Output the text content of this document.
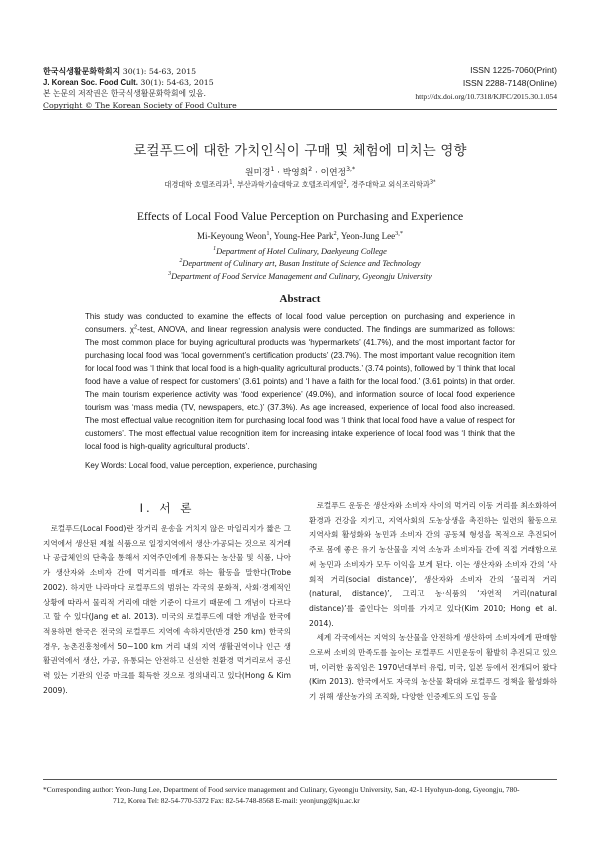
한국식생활문화학회지 30(1): 54-63, 2015
J. Korean Soc. Food Cult. 30(1): 54-63, 2015
본 논문의 저작권은 한국식생활문화학회에 있음.
Copyright © The Korean Society of Food Culture
ISSN 1225-7060(Print)
ISSN 2288-7148(Online)
http://dx.doi.org/10.7318/KJFC/2015.30.1.054
로컬푸드에 대한 가치인식이 구매 및 체험에 미치는 영향
원미경$^1$ · 박영희$^2$ · 이연정$^{3,*}$
대경대학 호텔조리과$^1$, 부산과학기술대학교 호텔조리계열$^2$, 경주대학교 외식조리학과$^{3*}$
Effects of Local Food Value Perception on Purchasing and Experience
Mi-Keyoung Weon$^1$, Young-Hee Park$^2$, Yeon-Jung Lee$^{3,*}$
$^1$Department of Hotel Culinary, Daekyeung College
$^2$Department of Culinary art, Busan Institute of Science and Technology
$^3$Department of Food Service Management and Culinary, Gyeongju University
Abstract
This study was conducted to examine the effects of local food value perception on purchasing and experience in consumers. $\chi^2$-test, ANOVA, and linear regression analysis were conducted. The findings are summarized as follows: The most common place for buying agricultural products was ‘hypermarkets’ (41.7%), and the most important factor for purchasing local food was ‘local government’s certification products’ (23.7%). The most important value recognition item for local food was ‘I think that local food is a high-quality agricultural products.’ (3.74 points), followed by ‘I think that local food have a value of respect for customers’ (3.61 points) and ‘I have a faith for the local food.’ (3.61 points) in that order. The main tourism experience activity was ‘food experience’ (49.0%), and information source of local food experience tourism was ‘mass media (TV, newspapers, etc.)’ (37.3%). As age increased, experience of local food also increased. The most effectual value recognition item for purchasing local food was ‘I think that local food have a value of respect for customers’. The most effectual value recognition item for increasing intake experience of local food was ‘I think that the local food is high-quality agricultural products’.
Key Words: Local food, value perception, experience, purchasing
Ⅰ. 서 론

로컬푸드(Local Food)란 장거리 운송을 거치지 않은 마일리지가 짧은 그 지역에서 생산된 제철 식품으로 일정지역에서 생산·가공되는 것으로 직거래나 공급체인의 단축을 통해서 지역주민에게 유통되는 농산물 및 식품, 나아가 생산자와 소비자 간에 먹거리를 매개로 하는 활동을 말한다(Trobe 2002). 하지만 나라마다 로컬푸드의 범위는 각국의 문화적, 사회·경제적인 상황에 따라서 물리적 거리에 대한 기준이 다르기 때문에 그 개념이 다르다고 할 수 있다(Jang et al. 2013). 미국의 로컬푸드에 대한 개념을 한국에 적용하면 한국은 전국의 로컬푸드 지역에 속하지만(반경 250 km) 한국의 경우, 농촌진흥청에서 50~100 km 거리 내의 지역 생활권역이나 인근 생활권역에서 생산, 가공, 유통되는 안전하고 신선한 친환경 먹거리로서 공신력 있는 기관의 인증 마크를 획득한 것으로 정의내리고 있다(Hong & Kim 2009).

로컬푸드 운동은 생산자와 소비자 사이의 먹거리 이동 거리를 최소화하여 환경과 건강을 지키고, 지역사회의 도농상생을 촉진하는 일련의 활동으로 지역사회 활성화와 농민과 소비자 간의 공동체 형성을 목적으로 추진되어 주로 몸에 좋은 유기 농산물을 지역 소농과 소비자들 간에 직접 거래함으로써 농민과 소비자가 모두 이익을 보게 된다. 이는 생산자와 소비자 간의 ‘사회적 거리(social distance)’, 생산자와 소비자 간의 ‘물리적 거리(natural, distance)’, 그리고 농·식품의 ‘자연적 거리(natural distance)’를 줄인다는 의미를 가지고 있다(Kim 2010; Hong et al. 2014).

세계 각국에서는 지역의 농산물을 안전하게 생산하여 소비자에게 판매함으로써 소비의 만족도를 높이는 로컬푸드 시민운동이 활발히 추진되고 있으며, 이러한 움직임은 1970년대부터 유럽, 미국, 일본 등에서 전개되어 왔다(Kim 2013). 한국에서도 자국의 농산물 확대와 로컬푸드 정책을 활성화하기 위해 생산농가의 조직화, 다양한 인증제도의 도입 등을

*Corresponding author: Yeon-Jung Lee, Department of Food service management and Culinary, Gyeongju University, San, 42-1 Hyohyun-dong, Gyeongju, 780-
712, Korea Tel: 82-54-770-5372 Fax: 82-54-748-8568 E-mail: yeonjung@kju.ac.kr
